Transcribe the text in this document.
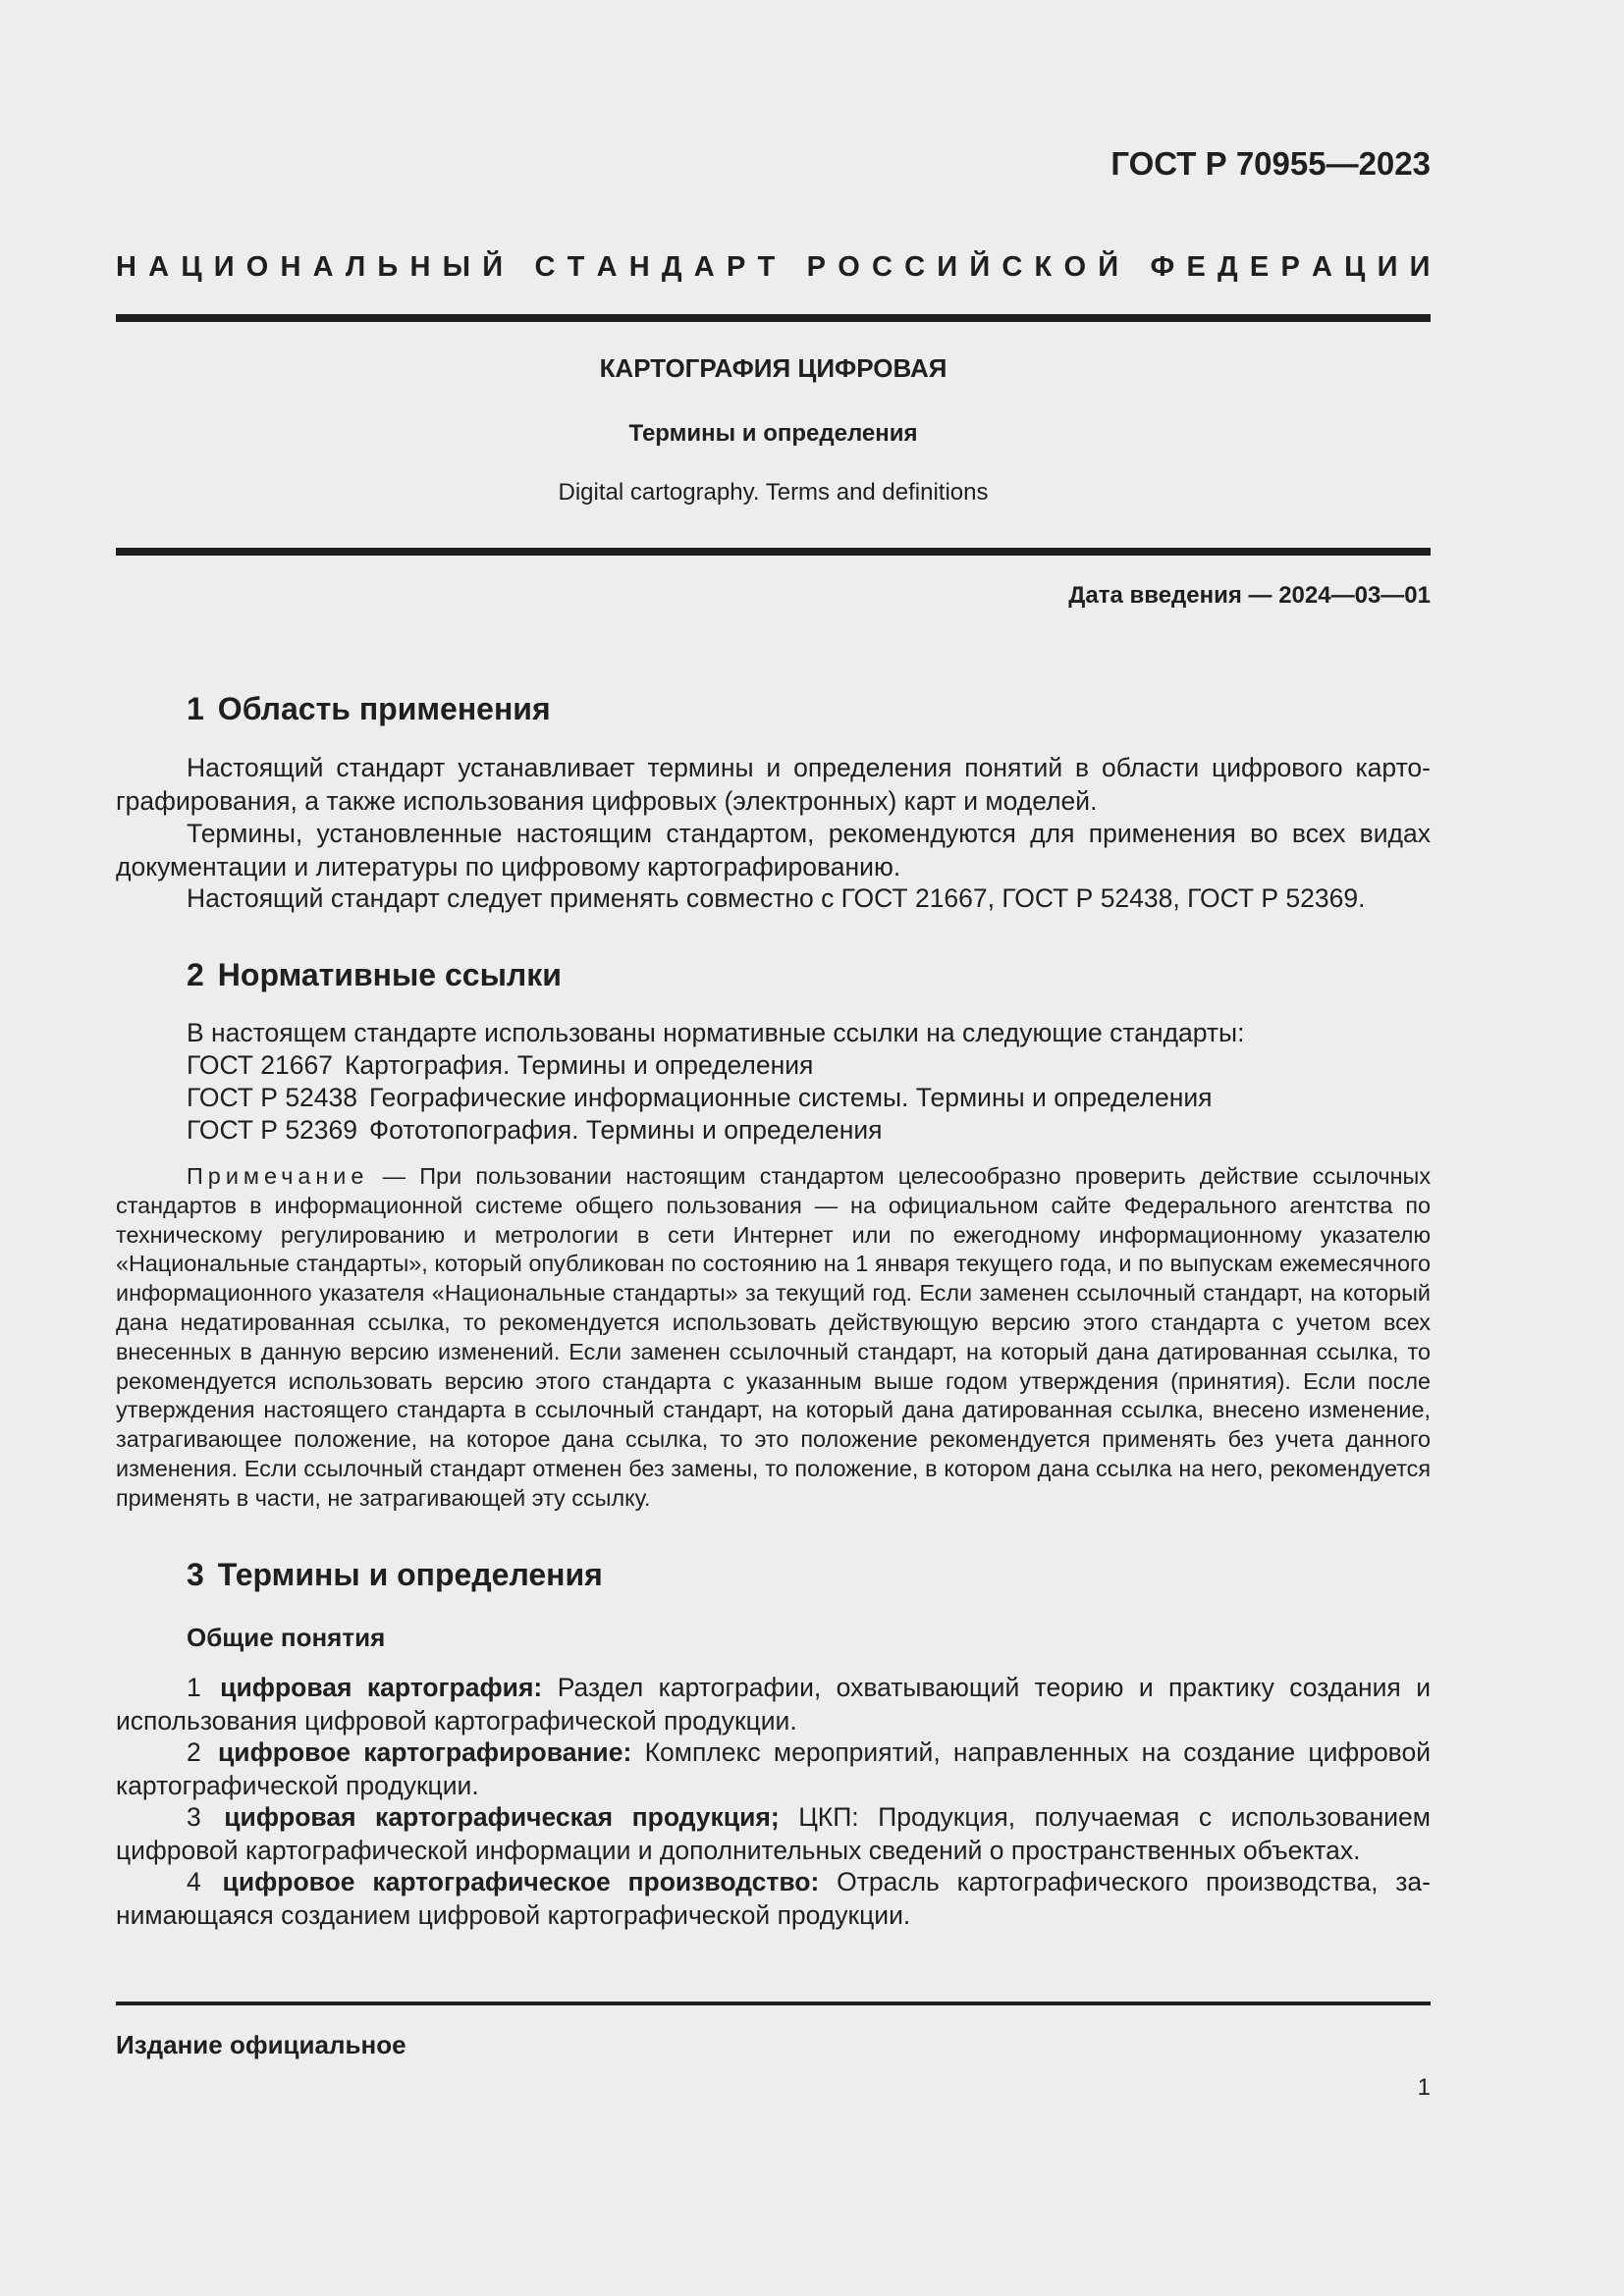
ГОСТ Р 70955—2023
Н А Ц И О Н А Л Ь Н Ы Й
С Т А Н Д А Р Т
Р О С С И Й С К О Й
Ф Е Д Е Р А Ц И И
КАРТОГРАФИЯ ЦИФРОВАЯ
Термины и определения
Digital cartography. Terms and definitions
Дата введения — 2024—03—01
1 Область применения
Настоящий стандарт устанавливает термины и определения понятий в области цифрового картографирования, а также использования цифровых (электронных) карт и моделей.
Термины, установленные настоящим стандартом, рекомендуются для применения во всех видах документации и литературы по цифровому картографированию.
Настоящий стандарт следует применять совместно с ГОСТ 21667, ГОСТ Р 52438, ГОСТ Р 52369.
2 Нормативные ссылки
В настоящем стандарте использованы нормативные ссылки на следующие стандарты:
ГОСТ 21667 Картография. Термины и определения
ГОСТ Р 52438 Географические информационные системы. Термины и определения
ГОСТ Р 52369 Фототопография. Термины и определения
Примечание — При пользовании настоящим стандартом целесообразно проверить действие ссылочных стандартов в информационной системе общего пользования — на официальном сайте Федерального агентства по техническому регулированию и метрологии в сети Интернет или по ежегодному информационному указателю «Национальные стандарты», который опубликован по состоянию на 1 января текущего года, и по выпускам ежемесячного информационного указателя «Национальные стандарты» за текущий год. Если заменен ссылочный стандарт, на который дана недатированная ссылка, то рекомендуется использовать действующую версию этого стандарта с учетом всех внесенных в данную версию изменений. Если заменен ссылочный стандарт, на который дана датированная ссылка, то рекомендуется использовать версию этого стандарта с указанным выше годом утверждения (принятия). Если после утверждения настоящего стандарта в ссылочный стандарт, на который дана датированная ссылка, внесено изменение, затрагивающее положение, на которое дана ссылка, то это положение рекомендуется применять без учета данного изменения. Если ссылочный стандарт отменен без замены, то положение, в котором дана ссылка на него, рекомендуется применять в части, не затрагивающей эту ссылку.
3 Термины и определения
Общие понятия
1 цифровая картография: Раздел картографии, охватывающий теорию и практику создания и использования цифровой картографической продукции.
2 цифровое картографирование: Комплекс мероприятий, направленных на создание цифровой картографической продукции.
3 цифровая картографическая продукция; ЦКП: Продукция, получаемая с использованием цифровой картографической информации и дополнительных сведений о пространственных объектах.
4 цифровое картографическое производство: Отрасль картографического производства, занимающаяся созданием цифровой картографической продукции.
Издание официальное
1
